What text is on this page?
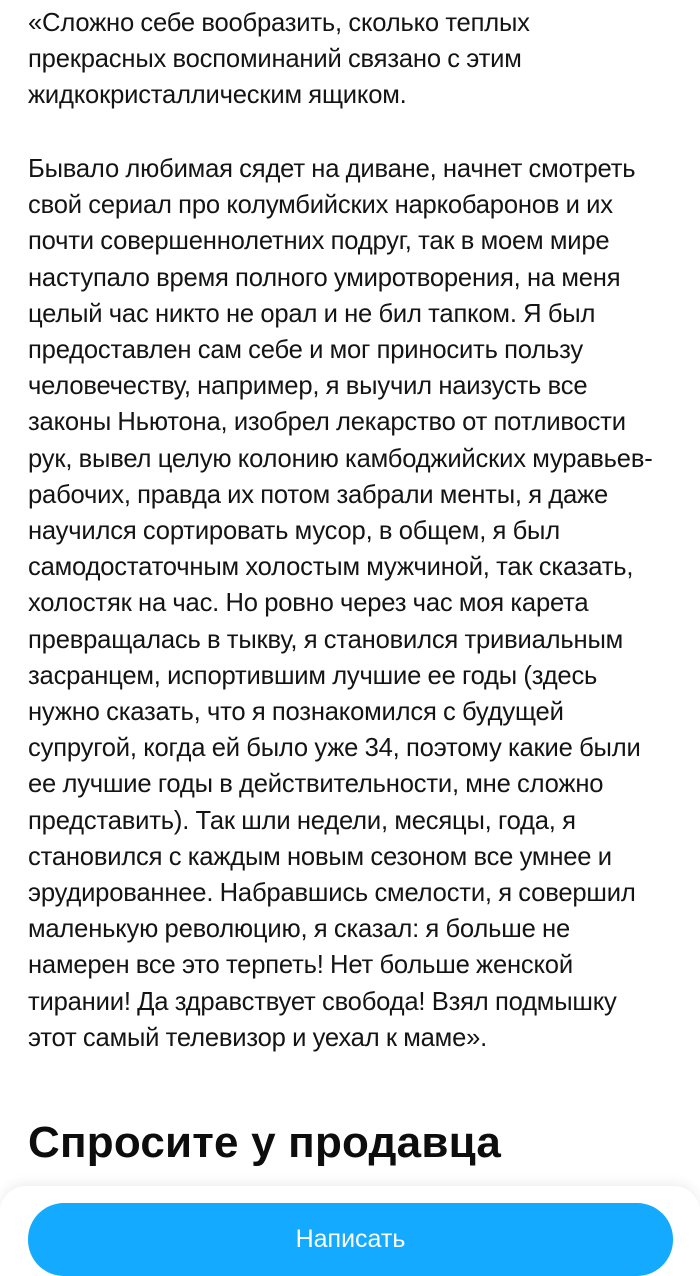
«Сложно себе вообразить, сколько теплых прекрасных воспоминаний связано с этим жидкокристаллическим ящиком.

Бывало любимая сядет на диване, начнет смотреть свой сериал про колумбийских наркобаронов и их почти совершеннолетних подруг, так в моем мире наступало время полного умиротворения, на меня целый час никто не орал и не бил тапком. Я был предоставлен сам себе и мог приносить пользу человечеству, например, я выучил наизусть все законы Ньютона, изобрел лекарство от потливости рук, вывел целую колонию камбоджийских муравьев-рабочих, правда их потом забрали менты, я даже научился сортировать мусор, в общем, я был самодостаточным холостым мужчиной, так сказать, холостяк на час. Но ровно через час моя карета превращалась в тыкву, я становился тривиальным засранцем, испортившим лучшие ее годы (здесь нужно сказать, что я познакомился с будущей супругой, когда ей было уже 34, поэтому какие были ее лучшие годы в действительности, мне сложно представить). Так шли недели, месяцы, года, я становился с каждым новым сезоном все умнее и эрудированнее. Набравшись смелости, я совершил маленькую революцию, я сказал: я больше не намерен все это терпеть! Нет больше женской тирании! Да здравствует свобода! Взял подмышку этот самый телевизор и уехал к маме».

Спросите у продавца
Написать
